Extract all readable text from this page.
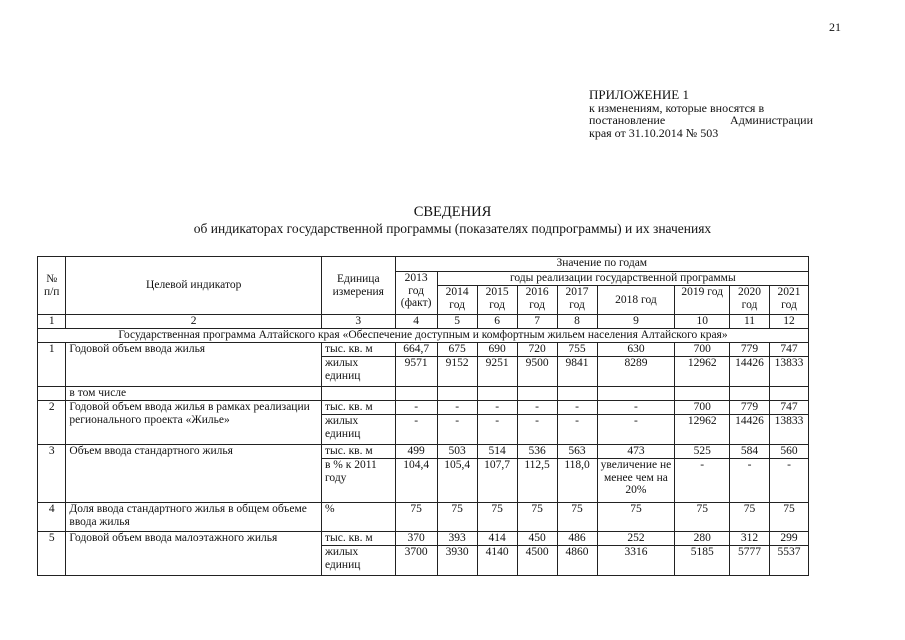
21
ПРИЛОЖЕНИЕ 1
к изменениям, которые вносятся в
постановление	Администрации
края от 31.10.2014 № 503
СВЕДЕНИЯ
об индикаторах государственной программы (показателях подпрограммы) и их значениях
№ п/п	Целевой индикатор	Единица измерения	Значение по годам								
			2013 год (факт)	годы реализации государственной программы							
				2014 год	2015 год	2016 год	2017 год	2018 год	2019 год	2020 год	2021 год
1	2	3	4	5	6	7	8	9	10	11	12
Государственная программа Алтайского края «Обеспечение доступным и комфортным жильем населения Алтайского края»											
1	Годовой объем ввода жилья	тыс. кв. м	664,7	675	690	720	755	630	700	779	747
		жилых единиц	9571	9152	9251	9500	9841	8289	12962	14426	13833
	в том числе										
2	Годовой объем ввода жилья в рамках реализации регионального проекта «Жилье»	тыс. кв. м	-	-	-	-	-	-	700	779	747
		жилых единиц	-	-	-	-	-	-	12962	14426	13833
3	Объем ввода стандартного жилья	тыс. кв. м	499	503	514	536	563	473	525	584	560
		в % к 2011 году	104,4	105,4	107,7	112,5	118,0	увеличение не менее чем на 20%	-	-	-
4	Доля ввода стандартного жилья в общем объеме ввода жилья	%	75	75	75	75	75	75	75	75	75
5	Годовой объем ввода малоэтажного жилья	тыс. кв. м	370	393	414	450	486	252	280	312	299
		жилых единиц	3700	3930	4140	4500	4860	3316	5185	5777	5537
